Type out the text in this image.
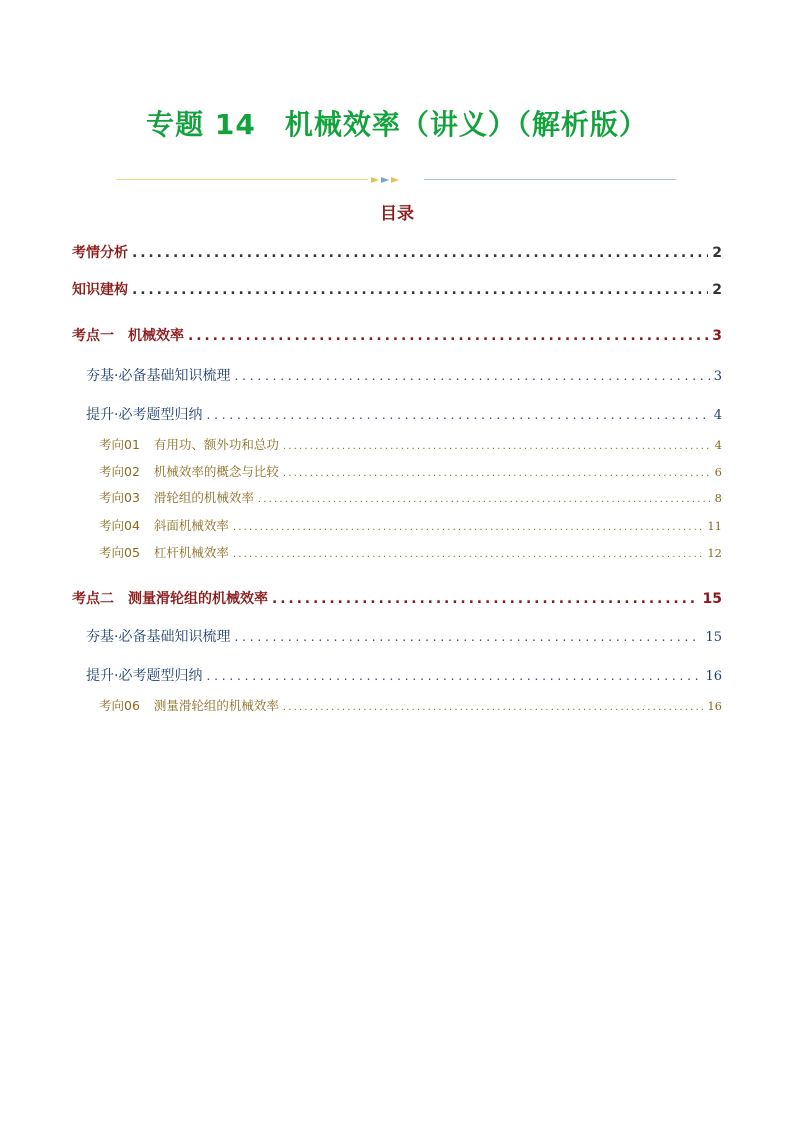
专题 14　机械效率（讲义）（解析版）
目录
考情分析 . . .	2
知识建构 . . .	2
考点一　机械效率 . . .	3
夯基·必备基础知识梳理 . . .	3
提升·必考题型归纳 . . .	4
考向01 有用功、额外功和总功 . . .	4
考向02 机械效率的概念与比较 . . .	6
考向03 滑轮组的机械效率 . . .	8
考向04 斜面机械效率 . . .	11
考向05 杠杆机械效率 . . .	12
考点二　测量滑轮组的机械效率 . . .	15
夯基·必备基础知识梳理 . . .	15
提升·必考题型归纳 . . .	16
考向06 测量滑轮组的机械效率 . . .	16
